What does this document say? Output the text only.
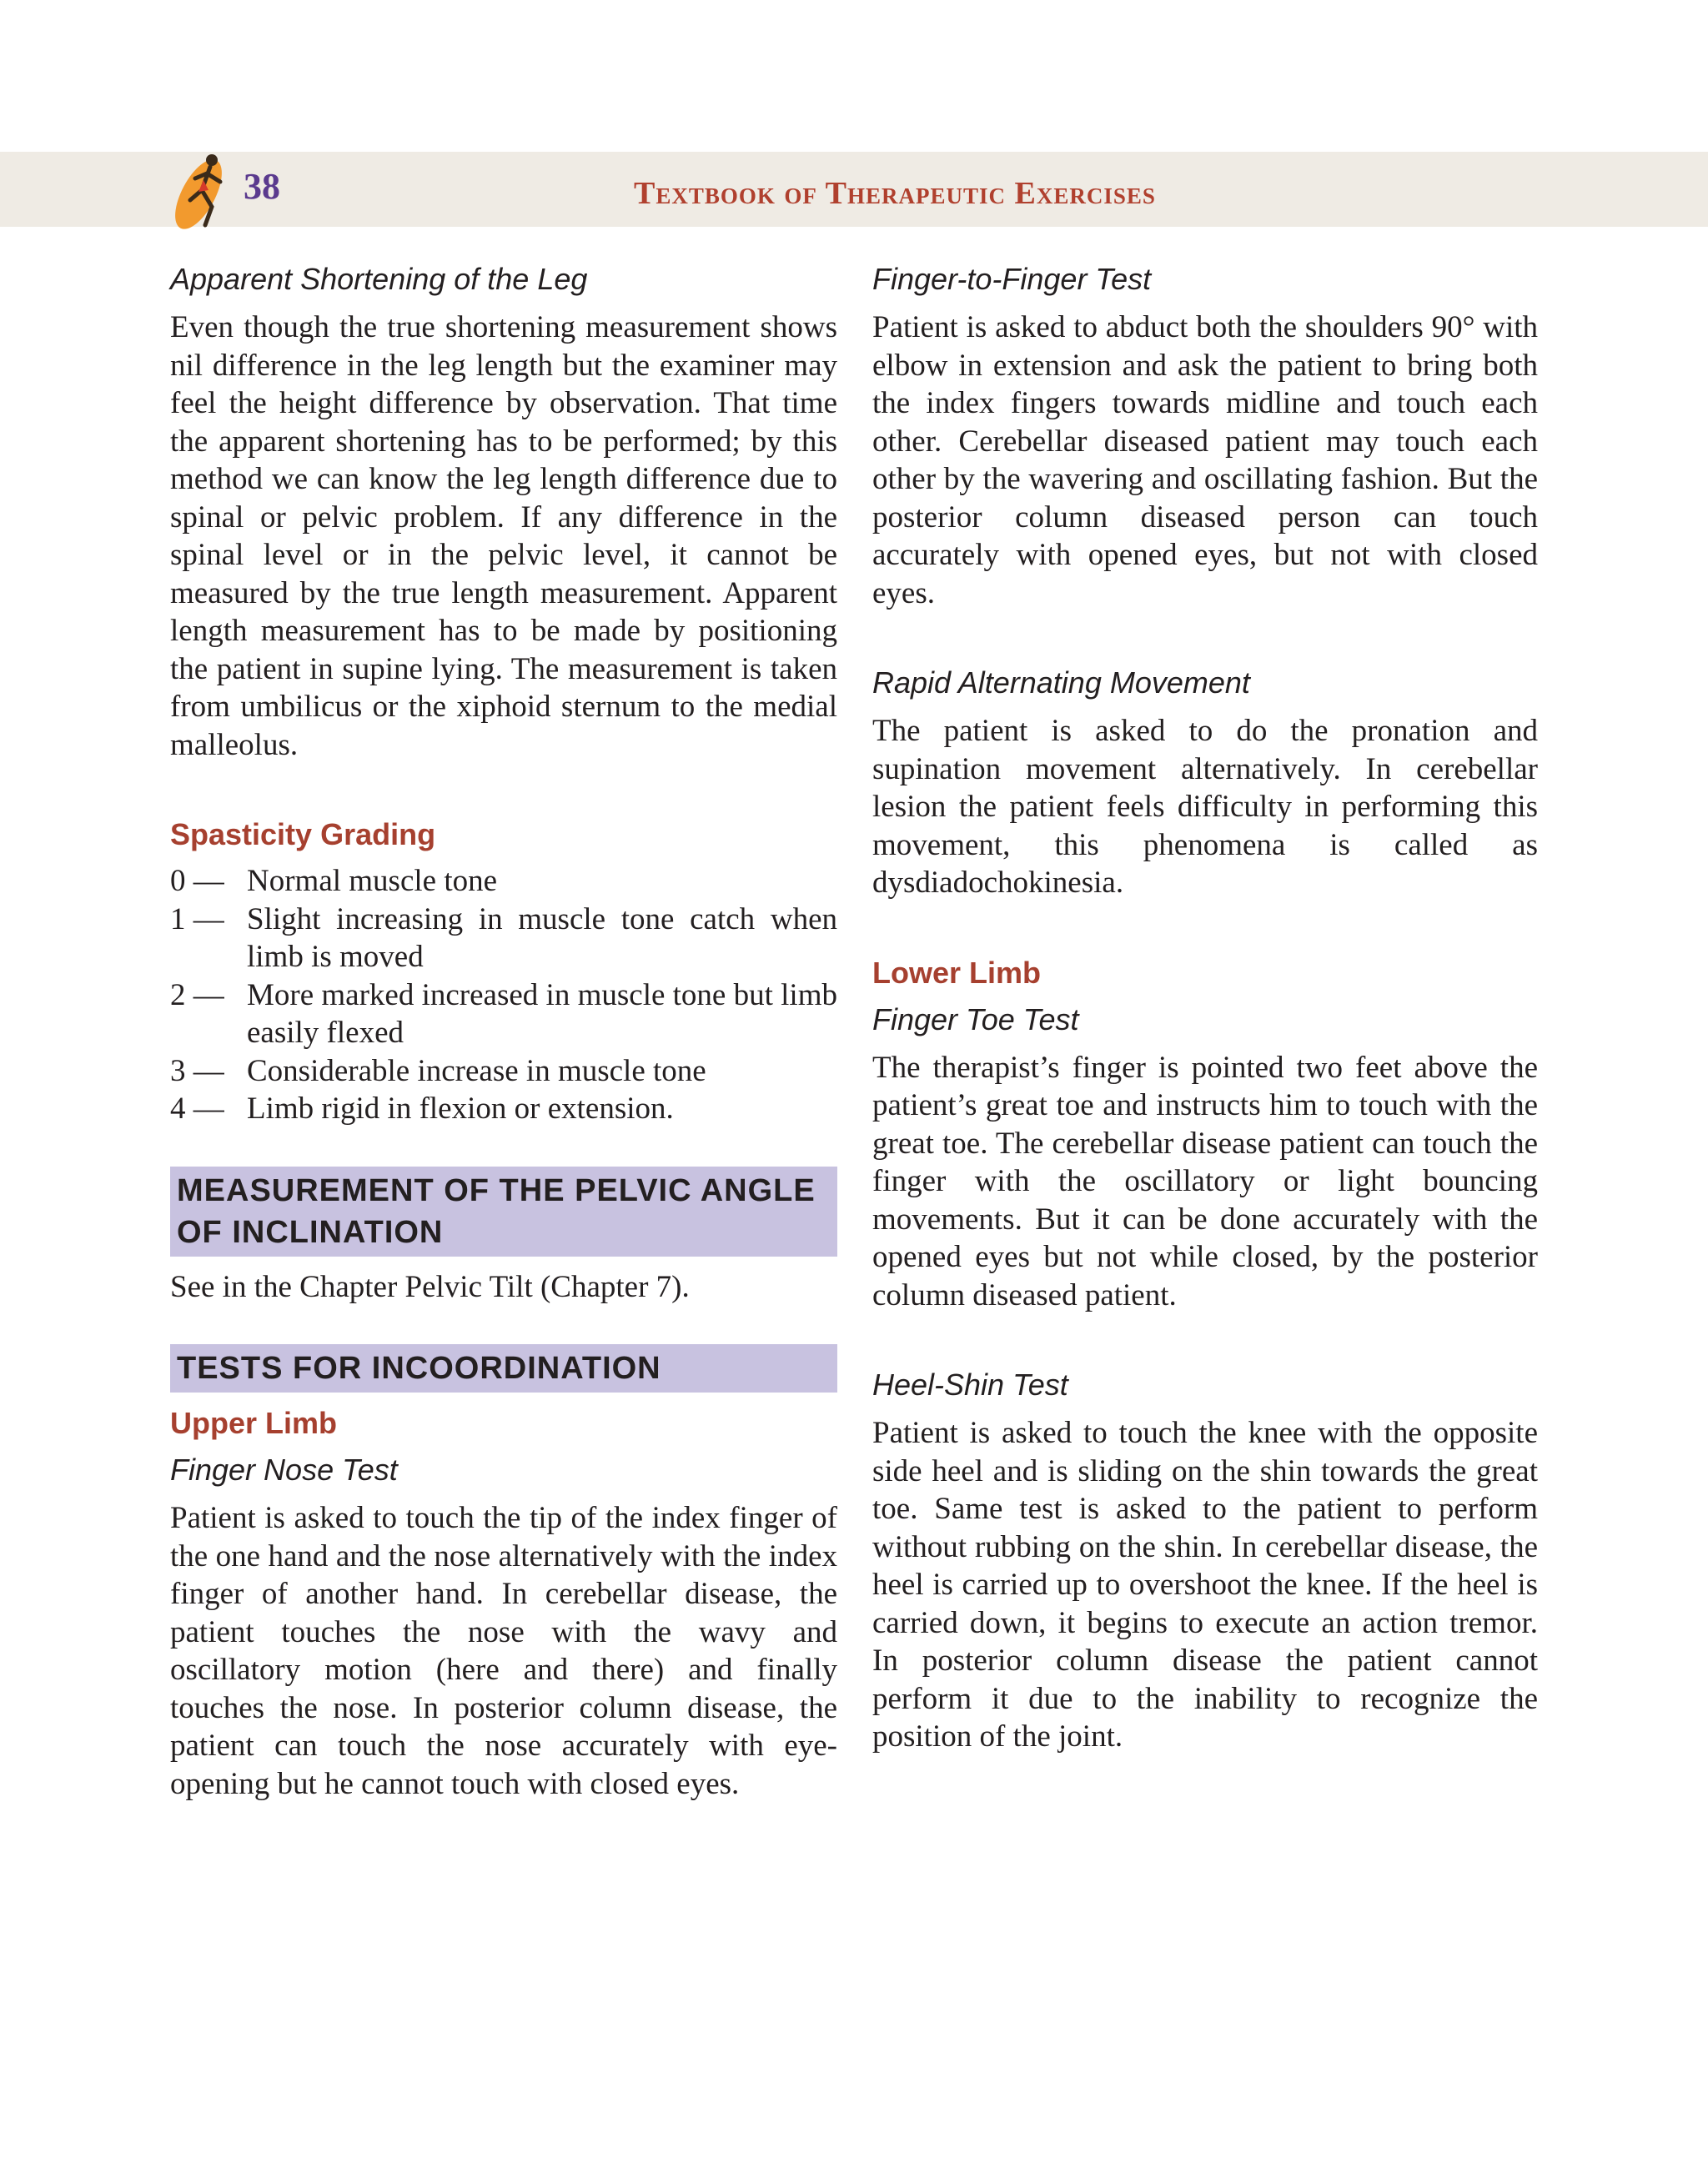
38	Textbook of Therapeutic Exercises
Apparent Shortening of the Leg

Even though the true shortening measurement shows nil difference in the leg length but the examiner may feel the height difference by observation. That time the apparent shortening has to be performed; by this method we can know the leg length difference due to spinal or pelvic problem. If any difference in the spinal level or in the pelvic level, it cannot be measured by the true length measurement. Apparent length measurement has to be made by positioning the patient in supine lying. The measurement is taken from umbilicus or the xiphoid sternum to the medial malleolus.

Spasticity Grading
0 — Normal muscle tone
1 — Slight increasing in muscle tone catch when limb is moved
2 — More marked increased in muscle tone but limb easily flexed
3 — Considerable increase in muscle tone
4 — Limb rigid in flexion or extension.
MEASUREMENT OF THE PELVIC ANGLE OF INCLINATION

See in the Chapter Pelvic Tilt (Chapter 7).

TESTS FOR INCOORDINATION
Upper Limb
Finger Nose Test

Patient is asked to touch the tip of the index finger of the one hand and the nose alternatively with the index finger of another hand. In cerebellar disease, the patient touches the nose with the wavy and oscillatory motion (here and there) and finally touches the nose. In posterior column disease, the patient can touch the nose accurately with eye-opening but he cannot touch with closed eyes.

Finger-to-Finger Test

Patient is asked to abduct both the shoulders 90° with elbow in extension and ask the patient to bring both the index fingers towards midline and touch each other. Cerebellar diseased patient may touch each other by the wavering and oscillating fashion. But the posterior column diseased person can touch accurately with opened eyes, but not with closed eyes.

Rapid Alternating Movement

The patient is asked to do the pronation and supination movement alternatively. In cerebellar lesion the patient feels difficulty in performing this movement, this phenomena is called as dysdiadochokinesia.

Lower Limb
Finger Toe Test

The therapist’s finger is pointed two feet above the patient’s great toe and instructs him to touch with the great toe. The cerebellar disease patient can touch the finger with the oscillatory or light bouncing movements. But it can be done accurately with the opened eyes but not while closed, by the posterior column diseased patient.

Heel-Shin Test

Patient is asked to touch the knee with the opposite side heel and is sliding on the shin towards the great toe. Same test is asked to the patient to perform without rubbing on the shin. In cerebellar disease, the heel is carried up to overshoot the knee. If the heel is carried down, it begins to execute an action tremor. In posterior column disease the patient cannot perform it due to the inability to recognize the position of the joint.
